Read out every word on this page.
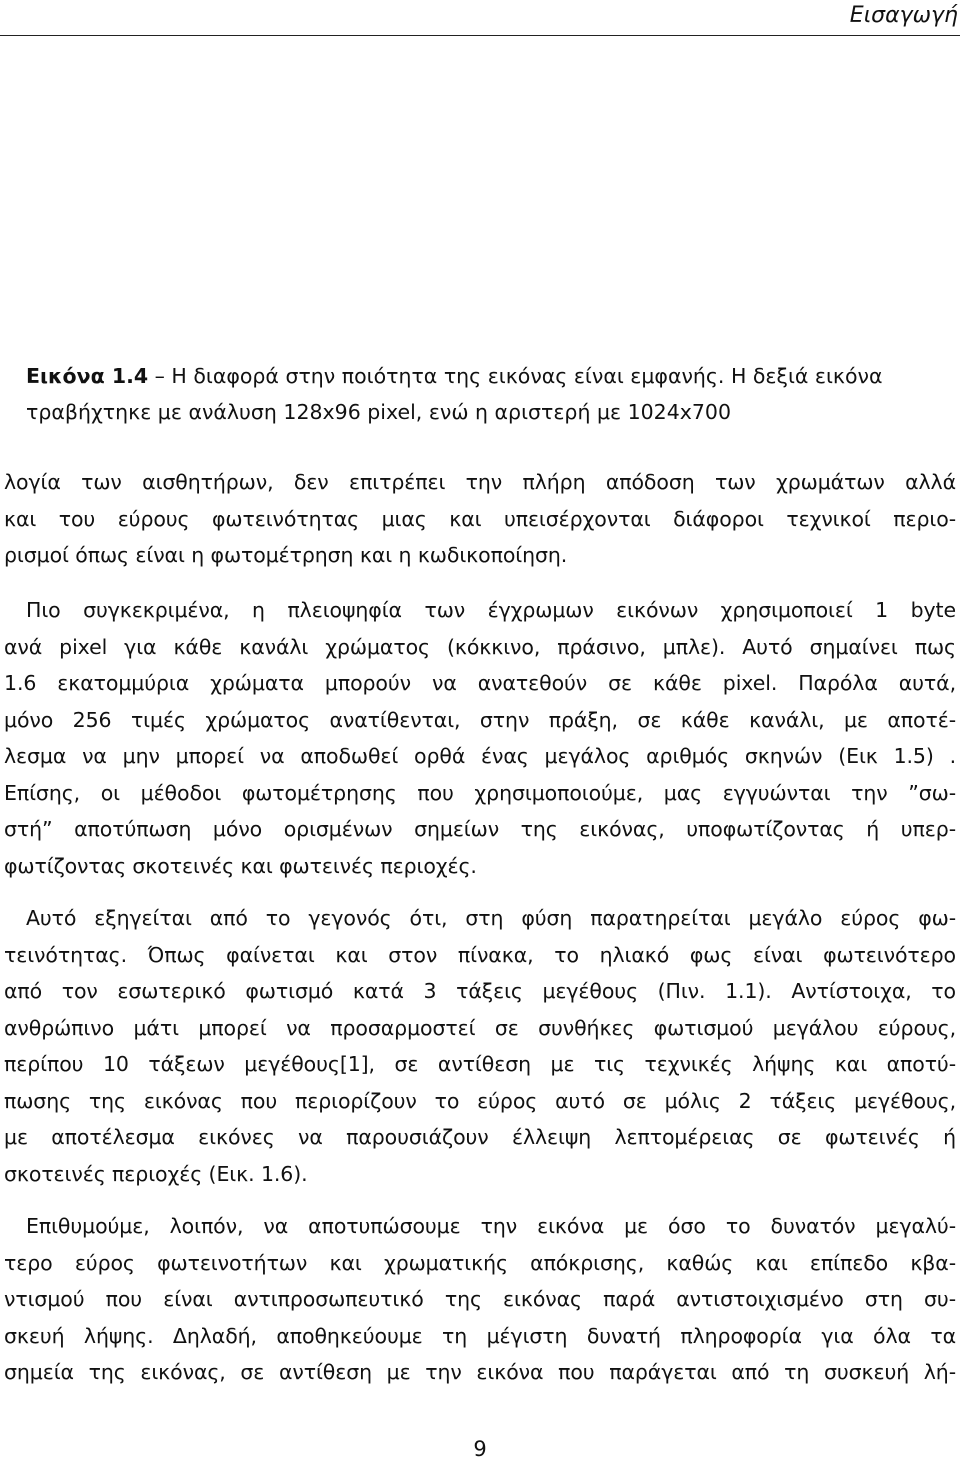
Εισαγωγή

Εικόνα 1.4 – Η διαφορά στην ποιότητα της εικόνας είναι εμφανής. Η δεξιά εικόνα
τραβήχτηκε με ανάλυση 128x96 pixel, ενώ η αριστερή με 1024x700

λογία των αισθητήρων, δεν επιτρέπει την πλήρη απόδοση των χρωμάτων αλλά
και του εύρους φωτεινότητας μιας και υπεισέρχονται διάφοροι τεχνικοί περιο-
ρισμοί όπως είναι η φωτομέτρηση και η κωδικοποίηση.
Πιο συγκεκριμένα, η πλειοψηφία των έγχρωμων εικόνων χρησιμοποιεί 1 byte
ανά pixel για κάθε κανάλι χρώματος (κόκκινο, πράσινο, μπλε). Αυτό σημαίνει πως
1.6 εκατομμύρια χρώματα μπορούν να ανατεθούν σε κάθε pixel. Παρόλα αυτά,
μόνο 256 τιμές χρώματος ανατίθενται, στην πράξη, σε κάθε κανάλι, με αποτέ-
λεσμα να μην μπορεί να αποδωθεί ορθά ένας μεγάλος αριθμός σκηνών (Εικ 1.5) .
Επίσης, οι μέθοδοι φωτομέτρησης που χρησιμοποιούμε, μας εγγυώνται την ”σω-
στή” αποτύπωση μόνο ορισμένων σημείων της εικόνας, υποφωτίζοντας ή υπερ-
φωτίζοντας σκοτεινές και φωτεινές περιοχές.
Αυτό εξηγείται από το γεγονός ότι, στη φύση παρατηρείται μεγάλο εύρος φω-
τεινότητας. Όπως φαίνεται και στον πίνακα, το ηλιακό φως είναι φωτεινότερο
από τον εσωτερικό φωτισμό κατά 3 τάξεις μεγέθους (Πιν. 1.1). Αντίστοιχα, το
ανθρώπινο μάτι μπορεί να προσαρμοστεί σε συνθήκες φωτισμού μεγάλου εύρους,
περίπου 10 τάξεων μεγέθους[1], σε αντίθεση με τις τεχνικές λήψης και αποτύ-
πωσης της εικόνας που περιορίζουν το εύρος αυτό σε μόλις 2 τάξεις μεγέθους,
με αποτέλεσμα εικόνες να παρουσιάζουν έλλειψη λεπτομέρειας σε φωτεινές ή
σκοτεινές περιοχές (Εικ. 1.6).
Επιθυμούμε, λοιπόν, να αποτυπώσουμε την εικόνα με όσο το δυνατόν μεγαλύ-
τερο εύρος φωτεινοτήτων και χρωματικής απόκρισης, καθώς και επίπεδο κβα-
ντισμού που είναι αντιπροσωπευτικό της εικόνας παρά αντιστοιχισμένο στη συ-
σκευή λήψης. Δηλαδή, αποθηκεύουμε τη μέγιστη δυνατή πληροφορία για όλα τα
σημεία της εικόνας, σε αντίθεση με την εικόνα που παράγεται από τη συσκευή λή-
9
